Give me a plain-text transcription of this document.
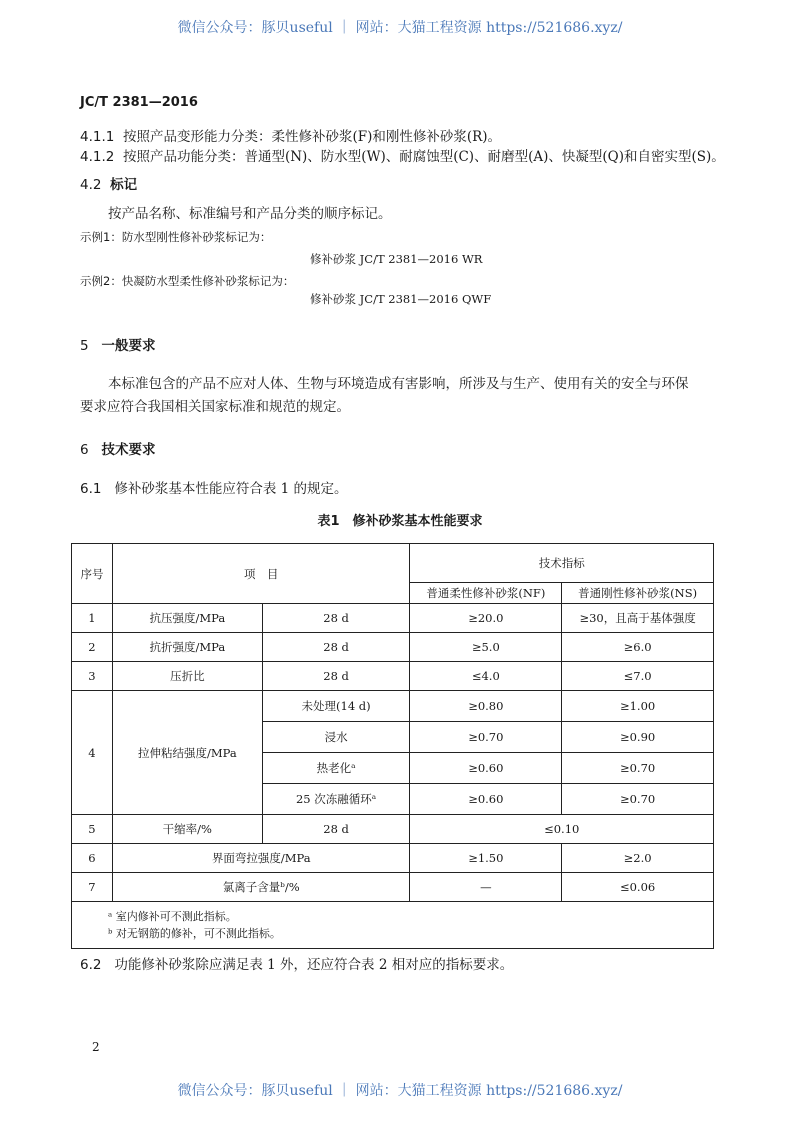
微信公众号：豚贝useful ｜ 网站：大猫工程资源 https://521686.xyz/
JC/T 2381—2016
4.1.1 按照产品变形能力分类：柔性修补砂浆(F)和刚性修补砂浆(R)。
4.1.2 按照产品功能分类：普通型(N)、防水型(W)、耐腐蚀型(C)、耐磨型(A)、快凝型(Q)和自密实型(S)。
4.2 标记
按产品名称、标准编号和产品分类的顺序标记。
示例1：防水型刚性修补砂浆标记为：
修补砂浆 JC/T 2381—2016 WR
示例2：快凝防水型柔性修补砂浆标记为：
修补砂浆 JC/T 2381—2016 QWF
5 一般要求
本标准包含的产品不应对人体、生物与环境造成有害影响，所涉及与生产、使用有关的安全与环保
要求应符合我国相关国家标准和规范的规定。
6 技术要求
6.1 修补砂浆基本性能应符合表 1 的规定。
表1　修补砂浆基本性能要求
序号	项　目		技术指标	
			普通柔性修补砂浆(NF)	普通刚性修补砂浆(NS)
1	抗压强度/MPa	28 d	≥20.0	≥30，且高于基体强度
2	抗折强度/MPa	28 d	≥5.0	≥6.0
3	压折比	28 d	≤4.0	≤7.0
4	拉伸粘结强度/MPa	未处理(14 d)	≥0.80	≥1.00
		浸水	≥0.70	≥0.90
		热老化ᵃ	≥0.60	≥0.70
		25 次冻融循环ᵃ	≥0.60	≥0.70
5	干缩率/%	28 d	≤0.10	
6	界面弯拉强度/MPa		≥1.50	≥2.0
7	氯离子含量ᵇ/%		—	≤0.06

ᵃ 室内修补可不测此指标。
ᵇ 对无钢筋的修补，可不测此指标。				
6.2 功能修补砂浆除应满足表 1 外，还应符合表 2 相对应的指标要求。
2
微信公众号：豚贝useful ｜ 网站：大猫工程资源 https://521686.xyz/
